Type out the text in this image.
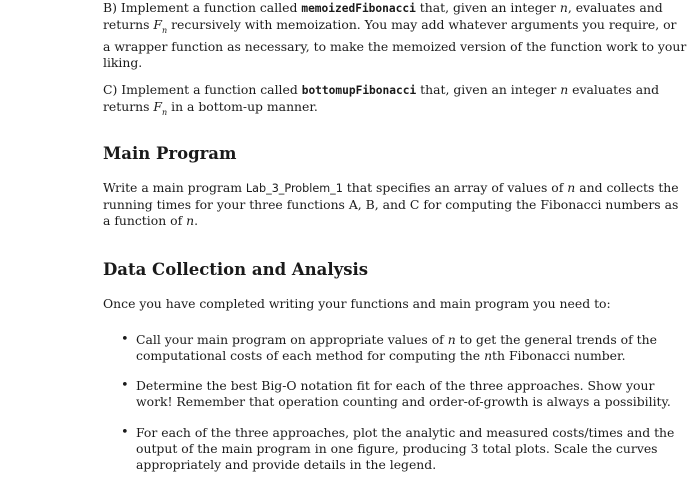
B) Implement a function called memoizedFibonacci that, given an integer n, evaluates and
returns $F_n$ recursively with memoization. You may add whatever arguments you require, or
a wrapper function as necessary, to make the memoized version of the function work to your
liking.

C) Implement a function called bottomupFibonacci that, given an integer n evaluates and
returns $F_n$ in a bottom-up manner.

Main Program

Write a main program Lab_3_Problem_1 that specifies an array of values of n and collects the
running times for your three functions A, B, and C for computing the Fibonacci numbers as
a function of n.

Data Collection and Analysis

Once you have completed writing your functions and main program you need to:

• Call your main program on appropriate values of n to get the general trends of the
computational costs of each method for computing the nth Fibonacci number.

• Determine the best Big-O notation fit for each of the three approaches. Show your
work! Remember that operation counting and order-of-growth is always a possibility.

• For each of the three approaches, plot the analytic and measured costs/times and the
output of the main program in one figure, producing 3 total plots. Scale the curves
appropriately and provide details in the legend.
